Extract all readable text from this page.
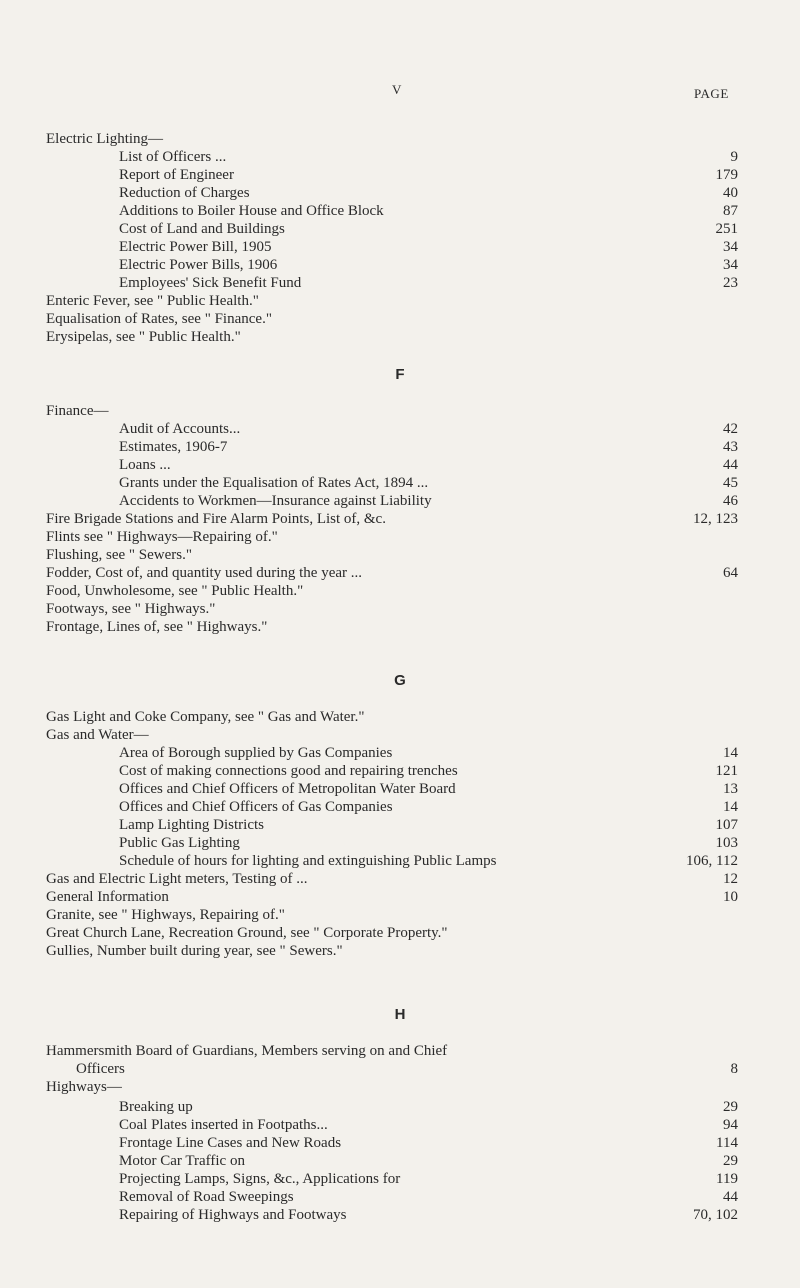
V	PAGE
Electric Lighting—
List of Officers ...	9
Report of Engineer	179
Reduction of Charges	40
Additions to Boiler House and Office Block	87
Cost of Land and Buildings	251
Electric Power Bill, 1905	34
Electric Power Bills, 1906	34
Employees' Sick Benefit Fund	23
Enteric Fever, see " Public Health."
Equalisation of Rates, see " Finance."
Erysipelas, see " Public Health."
F
Finance—
Audit of Accounts...	42
Estimates, 1906-7	43
Loans ...	44
Grants under the Equalisation of Rates Act, 1894 ...	45
Accidents to Workmen—Insurance against Liability	46
Fire Brigade Stations and Fire Alarm Points, List of, &c.	12, 123
Flints see " Highways—Repairing of."
Flushing, see " Sewers."
Fodder, Cost of, and quantity used during the year ...	64
Food, Unwholesome, see " Public Health."
Footways, see " Highways."
Frontage, Lines of, see " Highways."
G
Gas Light and Coke Company, see " Gas and Water."
Gas and Water—
Area of Borough supplied by Gas Companies	14
Cost of making connections good and repairing trenches	121
Offices and Chief Officers of Metropolitan Water Board	13
Offices and Chief Officers of Gas Companies	14
Lamp Lighting Districts	107
Public Gas Lighting	103
Schedule of hours for lighting and extinguishing Public Lamps	106, 112
Gas and Electric Light meters, Testing of ...	12
General Information	10
Granite, see " Highways, Repairing of."
Great Church Lane, Recreation Ground, see " Corporate Property."
Gullies, Number built during year, see " Sewers."
H
Hammersmith Board of Guardians, Members serving on and Chief
Officers	8
Highways—
Breaking up	29
Coal Plates inserted in Footpaths...	94
Frontage Line Cases and New Roads	114
Motor Car Traffic on	29
Projecting Lamps, Signs, &c., Applications for	119
Removal of Road Sweepings	44
Repairing of Highways and Footways	70, 102
